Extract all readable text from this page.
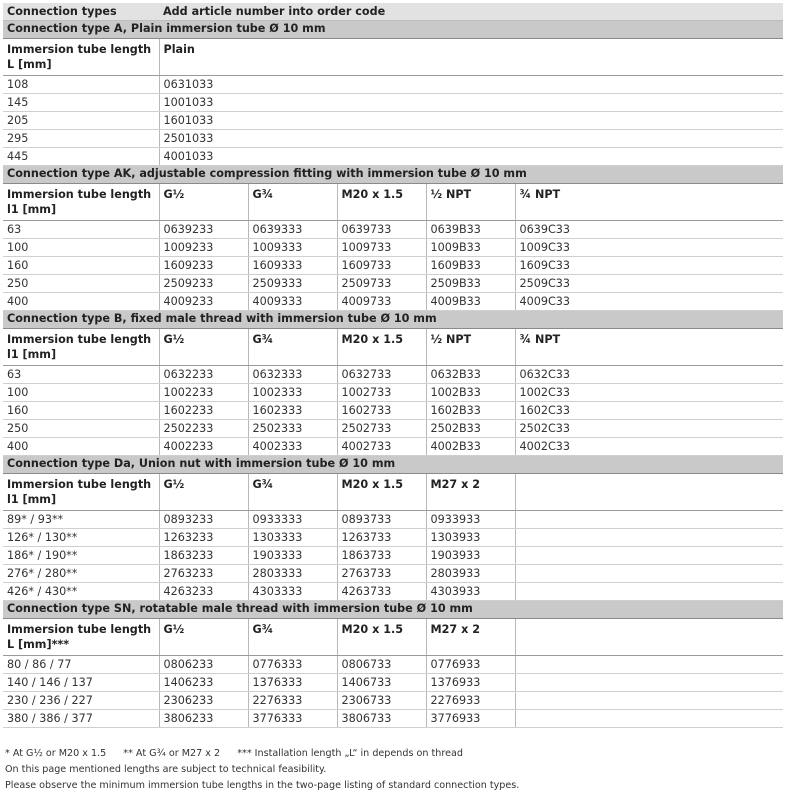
Connection types	Add article number into order code				
Connection type A, Plain immersion tube Ø 10 mm					
Immersion tube length L [mm]	Plain				
108	0631033				
145	1001033				
205	1601033				
295	2501033				
445	4001033				
Connection type AK, adjustable compression fitting with immersion tube Ø 10 mm					
Immersion tube length l1 [mm]	G½	G¾	M20 x 1.5	½ NPT	¾ NPT
63	0639233	0639333	0639733	0639B33	0639C33
100	1009233	1009333	1009733	1009B33	1009C33
160	1609233	1609333	1609733	1609B33	1609C33
250	2509233	2509333	2509733	2509B33	2509C33
400	4009233	4009333	4009733	4009B33	4009C33
Connection type B, fixed male thread with immersion tube Ø 10 mm					
Immersion tube length l1 [mm]	G½	G¾	M20 x 1.5	½ NPT	¾ NPT
63	0632233	0632333	0632733	0632B33	0632C33
100	1002233	1002333	1002733	1002B33	1002C33
160	1602233	1602333	1602733	1602B33	1602C33
250	2502233	2502333	2502733	2502B33	2502C33
400	4002233	4002333	4002733	4002B33	4002C33
Connection type Da, Union nut with immersion tube Ø 10 mm					
Immersion tube length l1 [mm]	G½	G¾	M20 x 1.5	M27 x 2	
89* / 93**	0893233	0933333	0893733	0933933	
126* / 130**	1263233	1303333	1263733	1303933	
186* / 190**	1863233	1903333	1863733	1903933	
276* / 280**	2763233	2803333	2763733	2803933	
426* / 430**	4263233	4303333	4263733	4303933	
Connection type SN, rotatable male thread with immersion tube Ø 10 mm					
Immersion tube length L [mm]***	G½	G¾	M20 x 1.5	M27 x 2	
80 / 86 / 77	0806233	0776333	0806733	0776933	
140 / 146 / 137	1406233	1376333	1406733	1376933	
230 / 236 / 227	2306233	2276333	2306733	2276933	
380 / 386 / 377	3806233	3776333	3806733	3776933	
* At G½ or M20 x 1.5 ** At G¾ or M27 x 2 *** Installation length „L“ in depends on thread
On this page mentioned lengths are subject to technical feasibility.
Please observe the minimum immersion tube lengths in the two-page listing of standard connection types.
